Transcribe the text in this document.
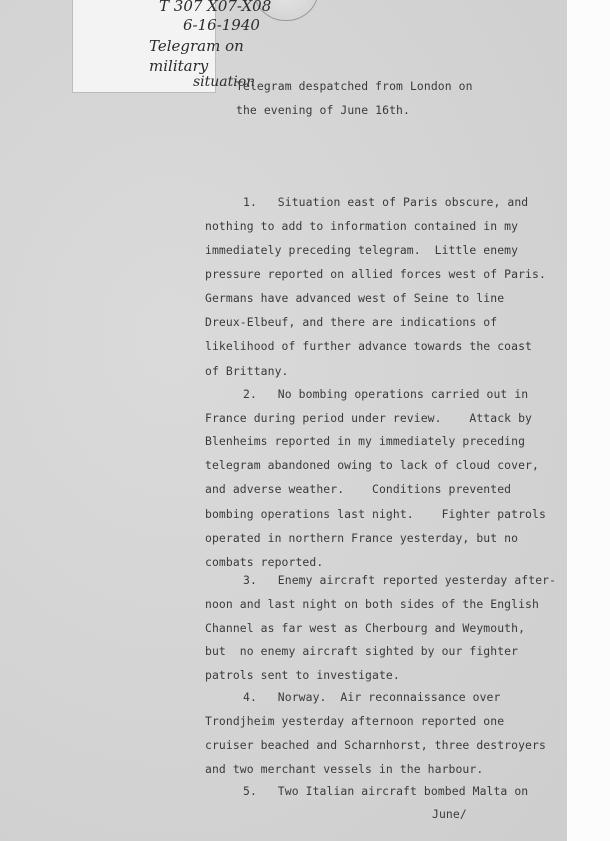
T 307 X07-X08
6-16-1940
Telegram on
military
situation
Telegram despatched from London on
the evening of June 16th.
1.   Situation east of Paris obscure, and
nothing to add to information contained in my
immediately preceding telegram.  Little enemy
pressure reported on allied forces west of Paris.
Germans have advanced west of Seine to line
Dreux-Elbeuf, and there are indications of
likelihood of further advance towards the coast
of Brittany.
2.   No bombing operations carried out in
France during period under review.    Attack by
Blenheims reported in my immediately preceding
telegram abandoned owing to lack of cloud cover,
and adverse weather.    Conditions prevented
bombing operations last night.    Fighter patrols
operated in northern France yesterday, but no
combats reported.
3.   Enemy aircraft reported yesterday after-
noon and last night on both sides of the English
Channel as far west as Cherbourg and Weymouth,
but  no enemy aircraft sighted by our fighter
patrols sent to investigate.
4.   Norway.  Air reconnaissance over
Trondjheim yesterday afternoon reported one
cruiser beached and Scharnhorst, three destroyers
and two merchant vessels in the harbour.
5.   Two Italian aircraft bombed Malta on
June/
